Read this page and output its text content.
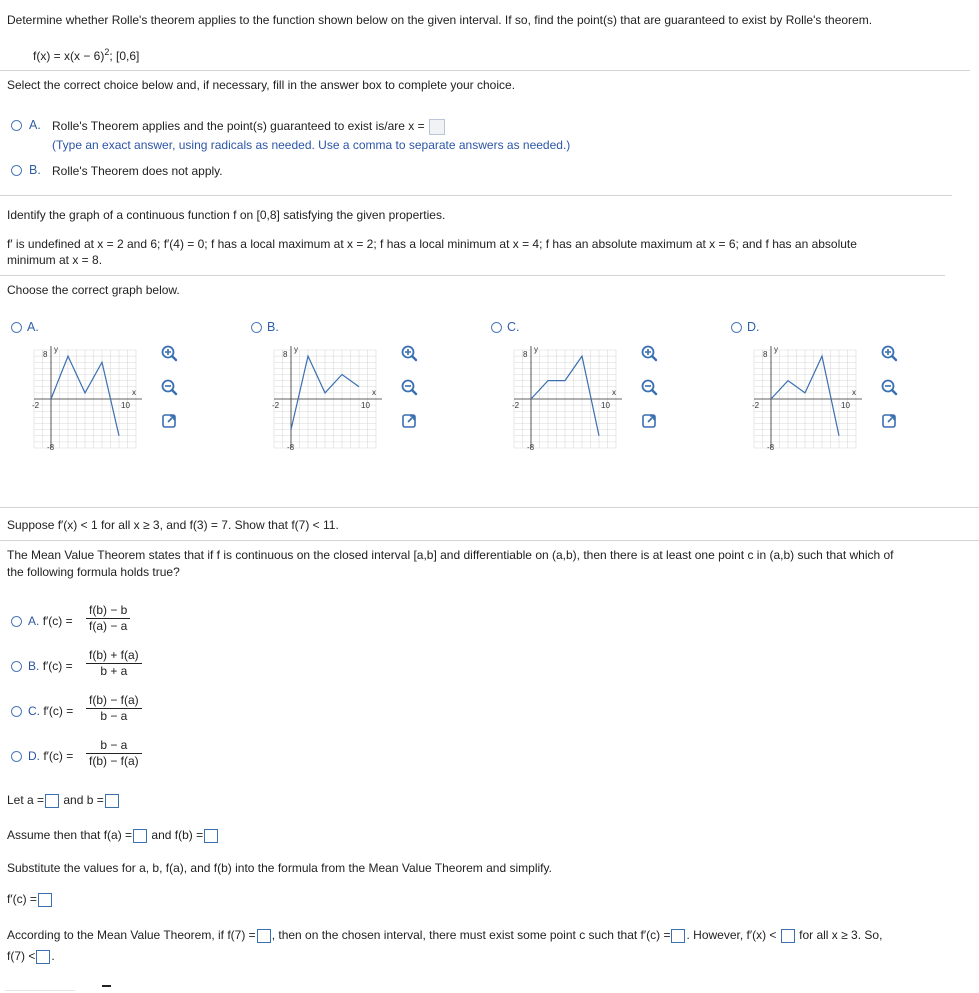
Determine whether Rolle's theorem applies to the function shown below on the given interval. If so, find the point(s) that are guaranteed to exist by Rolle's theorem.
$f(x) = x(x - 6)^2$; [0,6]
Select the correct choice below and, if necessary, fill in the answer box to complete your choice.
A. Rolle's Theorem applies and the point(s) guaranteed to exist is/are x =
(Type an exact answer, using radicals as needed. Use a comma to separate answers as needed.)
B. Rolle's Theorem does not apply.
Identify the graph of a continuous function f on [0,8] satisfying the given properties.
f′ is undefined at x = 2 and 6; f′(4) = 0; f has a local maximum at x = 2; f has a local minimum at x = 4; f has an absolute maximum at x = 6; and f has an absolute
minimum at x = 8.
Choose the correct graph below.
A.
y
x
8
-8
-2	10
B.
y
x
8
-8
-2	10
C.
y
x
8
-8
-2	10
D.
y
x
8
-8
-2	10
Suppose f′(x) < 1 for all x ≥ 3, and f(3) = 7. Show that f(7) < 11.
The Mean Value Theorem states that if f is continuous on the closed interval [a,b] and differentiable on (a,b), then there is at least one point c in (a,b) such that which of
the following formula holds true?
A. $f'(c) = \frac{f(b) - b}{f(a) - a}$
B. $f'(c) = \frac{f(b) + f(a)}{b + a}$
C. $f'(c) = \frac{f(b) - f(a)}{b - a}$
D. $f'(c) = \frac{b - a}{f(b) - f(a)}$
Let a = and b =
Assume then that f(a) = and f(b) =
Substitute the values for a, b, f(a), and f(b) into the formula from the Mean Value Theorem and simplify.
f′(c) =
According to the Mean Value Theorem, if f(7) = , then on the chosen interval, there must exist some point c such that f′(c) = . However, f′(x) < for all x ≥ 3. So,
f(7) < .
